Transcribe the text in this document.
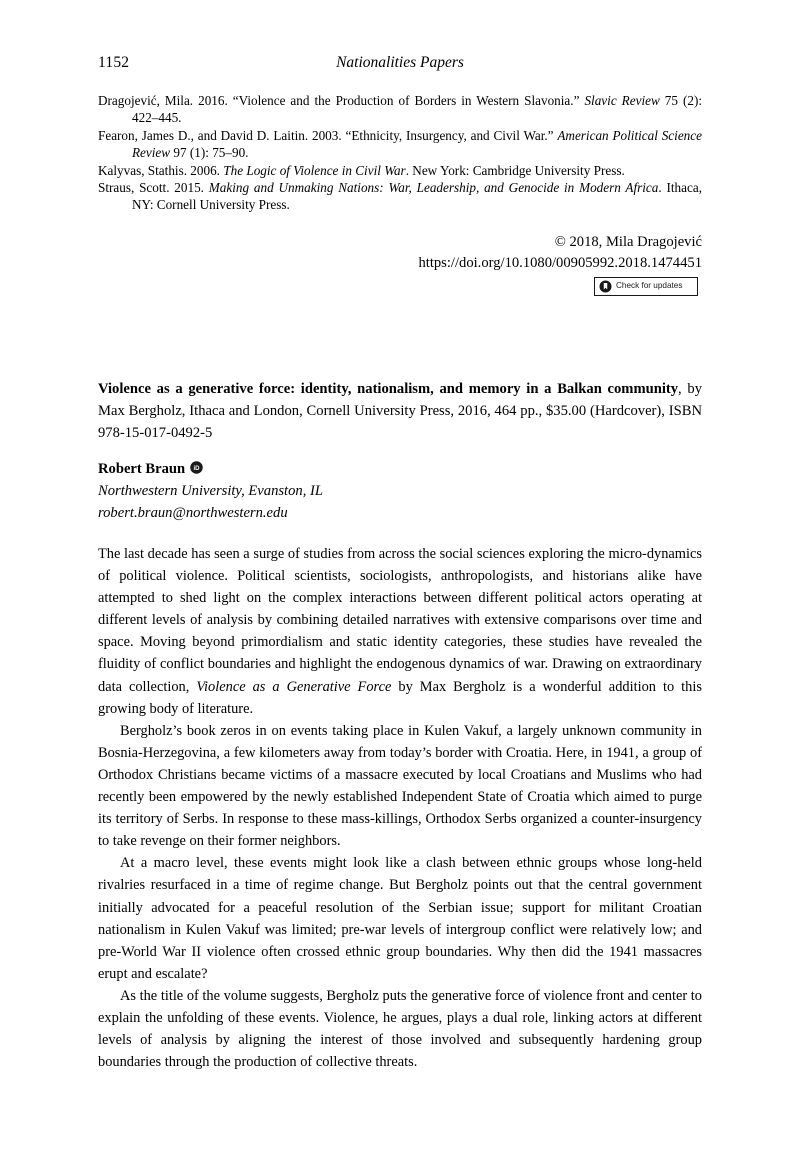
1152	Nationalities Papers

Dragojević, Mila. 2016. “Violence and the Production of Borders in Western Slavonia.” Slavic Review 75 (2): 422–445.

Fearon, James D., and David D. Laitin. 2003. “Ethnicity, Insurgency, and Civil War.” American Political Science Review 97 (1): 75–90.

Kalyvas, Stathis. 2006. The Logic of Violence in Civil War. New York: Cambridge University Press.

Straus, Scott. 2015. Making and Unmaking Nations: War, Leadership, and Genocide in Modern Africa. Ithaca, NY: Cornell University Press.

© 2018, Mila Dragojević
https://doi.org/10.1080/00905992.2018.1474451
Check for updates
Violence as a generative force: identity, nationalism, and memory in a Balkan community, by Max Bergholz, Ithaca and London, Cornell University Press, 2016, 464 pp., $35.00 (Hardcover), ISBN 978-15-017-0492-5
Robert Braun iD
Northwestern University, Evanston, IL
robert.braun@northwestern.edu

The last decade has seen a surge of studies from across the social sciences exploring the micro-dynamics of political violence. Political scientists, sociologists, anthropologists, and historians alike have attempted to shed light on the complex interactions between different political actors operating at different levels of analysis by combining detailed narratives with extensive comparisons over time and space. Moving beyond primordialism and static identity categories, these studies have revealed the fluidity of conflict boundaries and highlight the endogenous dynamics of war. Drawing on extraordinary data collection, Violence as a Generative Force by Max Bergholz is a wonderful addition to this growing body of literature.

Bergholz’s book zeros in on events taking place in Kulen Vakuf, a largely unknown community in Bosnia-Herzegovina, a few kilometers away from today’s border with Croatia. Here, in 1941, a group of Orthodox Christians became victims of a massacre executed by local Croatians and Muslims who had recently been empowered by the newly established Independent State of Croatia which aimed to purge its territory of Serbs. In response to these mass-killings, Orthodox Serbs organized a counter-insurgency to take revenge on their former neighbors.

At a macro level, these events might look like a clash between ethnic groups whose long-held rivalries resurfaced in a time of regime change. But Bergholz points out that the central government initially advocated for a peaceful resolution of the Serbian issue; support for militant Croatian nationalism in Kulen Vakuf was limited; pre-war levels of intergroup conflict were relatively low; and pre-World War II violence often crossed ethnic group boundaries. Why then did the 1941 massacres erupt and escalate?

As the title of the volume suggests, Bergholz puts the generative force of violence front and center to explain the unfolding of these events. Violence, he argues, plays a dual role, linking actors at different levels of analysis by aligning the interest of those involved and subsequently hardening group boundaries through the production of collective threats.
